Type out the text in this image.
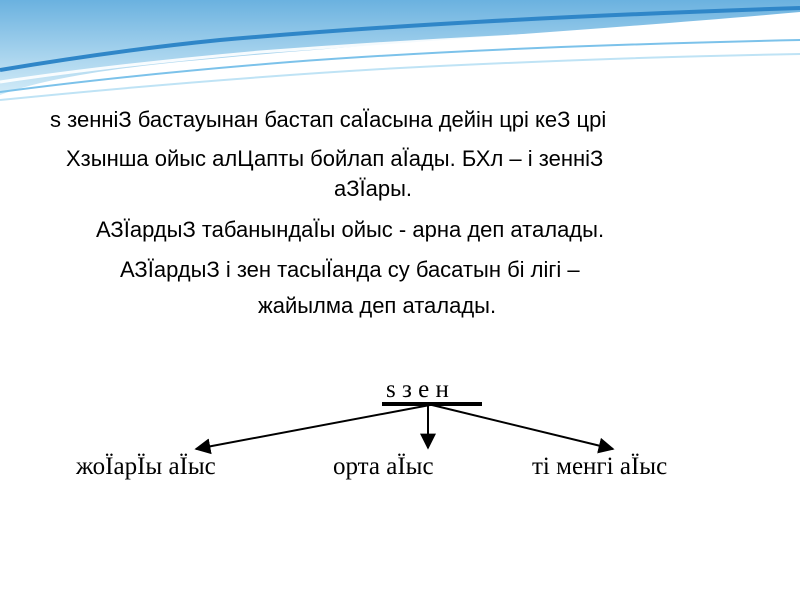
s зенніЗ бастауынан бастап саЇасына дейін црі кеЗ црі
Хзынша ойыс алЦапты бойлап аЇады. БХл – і зенніЗ
аЗЇары.
АЗЇардыЗ табанындаЇы ойыс - арна деп аталады.
АЗЇардыЗ і зен тасыЇанда су басатын бі лігі –
жайылма деп аталады.
s з е н
жоЇарЇы аЇыс	орта аЇыс	ті менгі аЇыс
